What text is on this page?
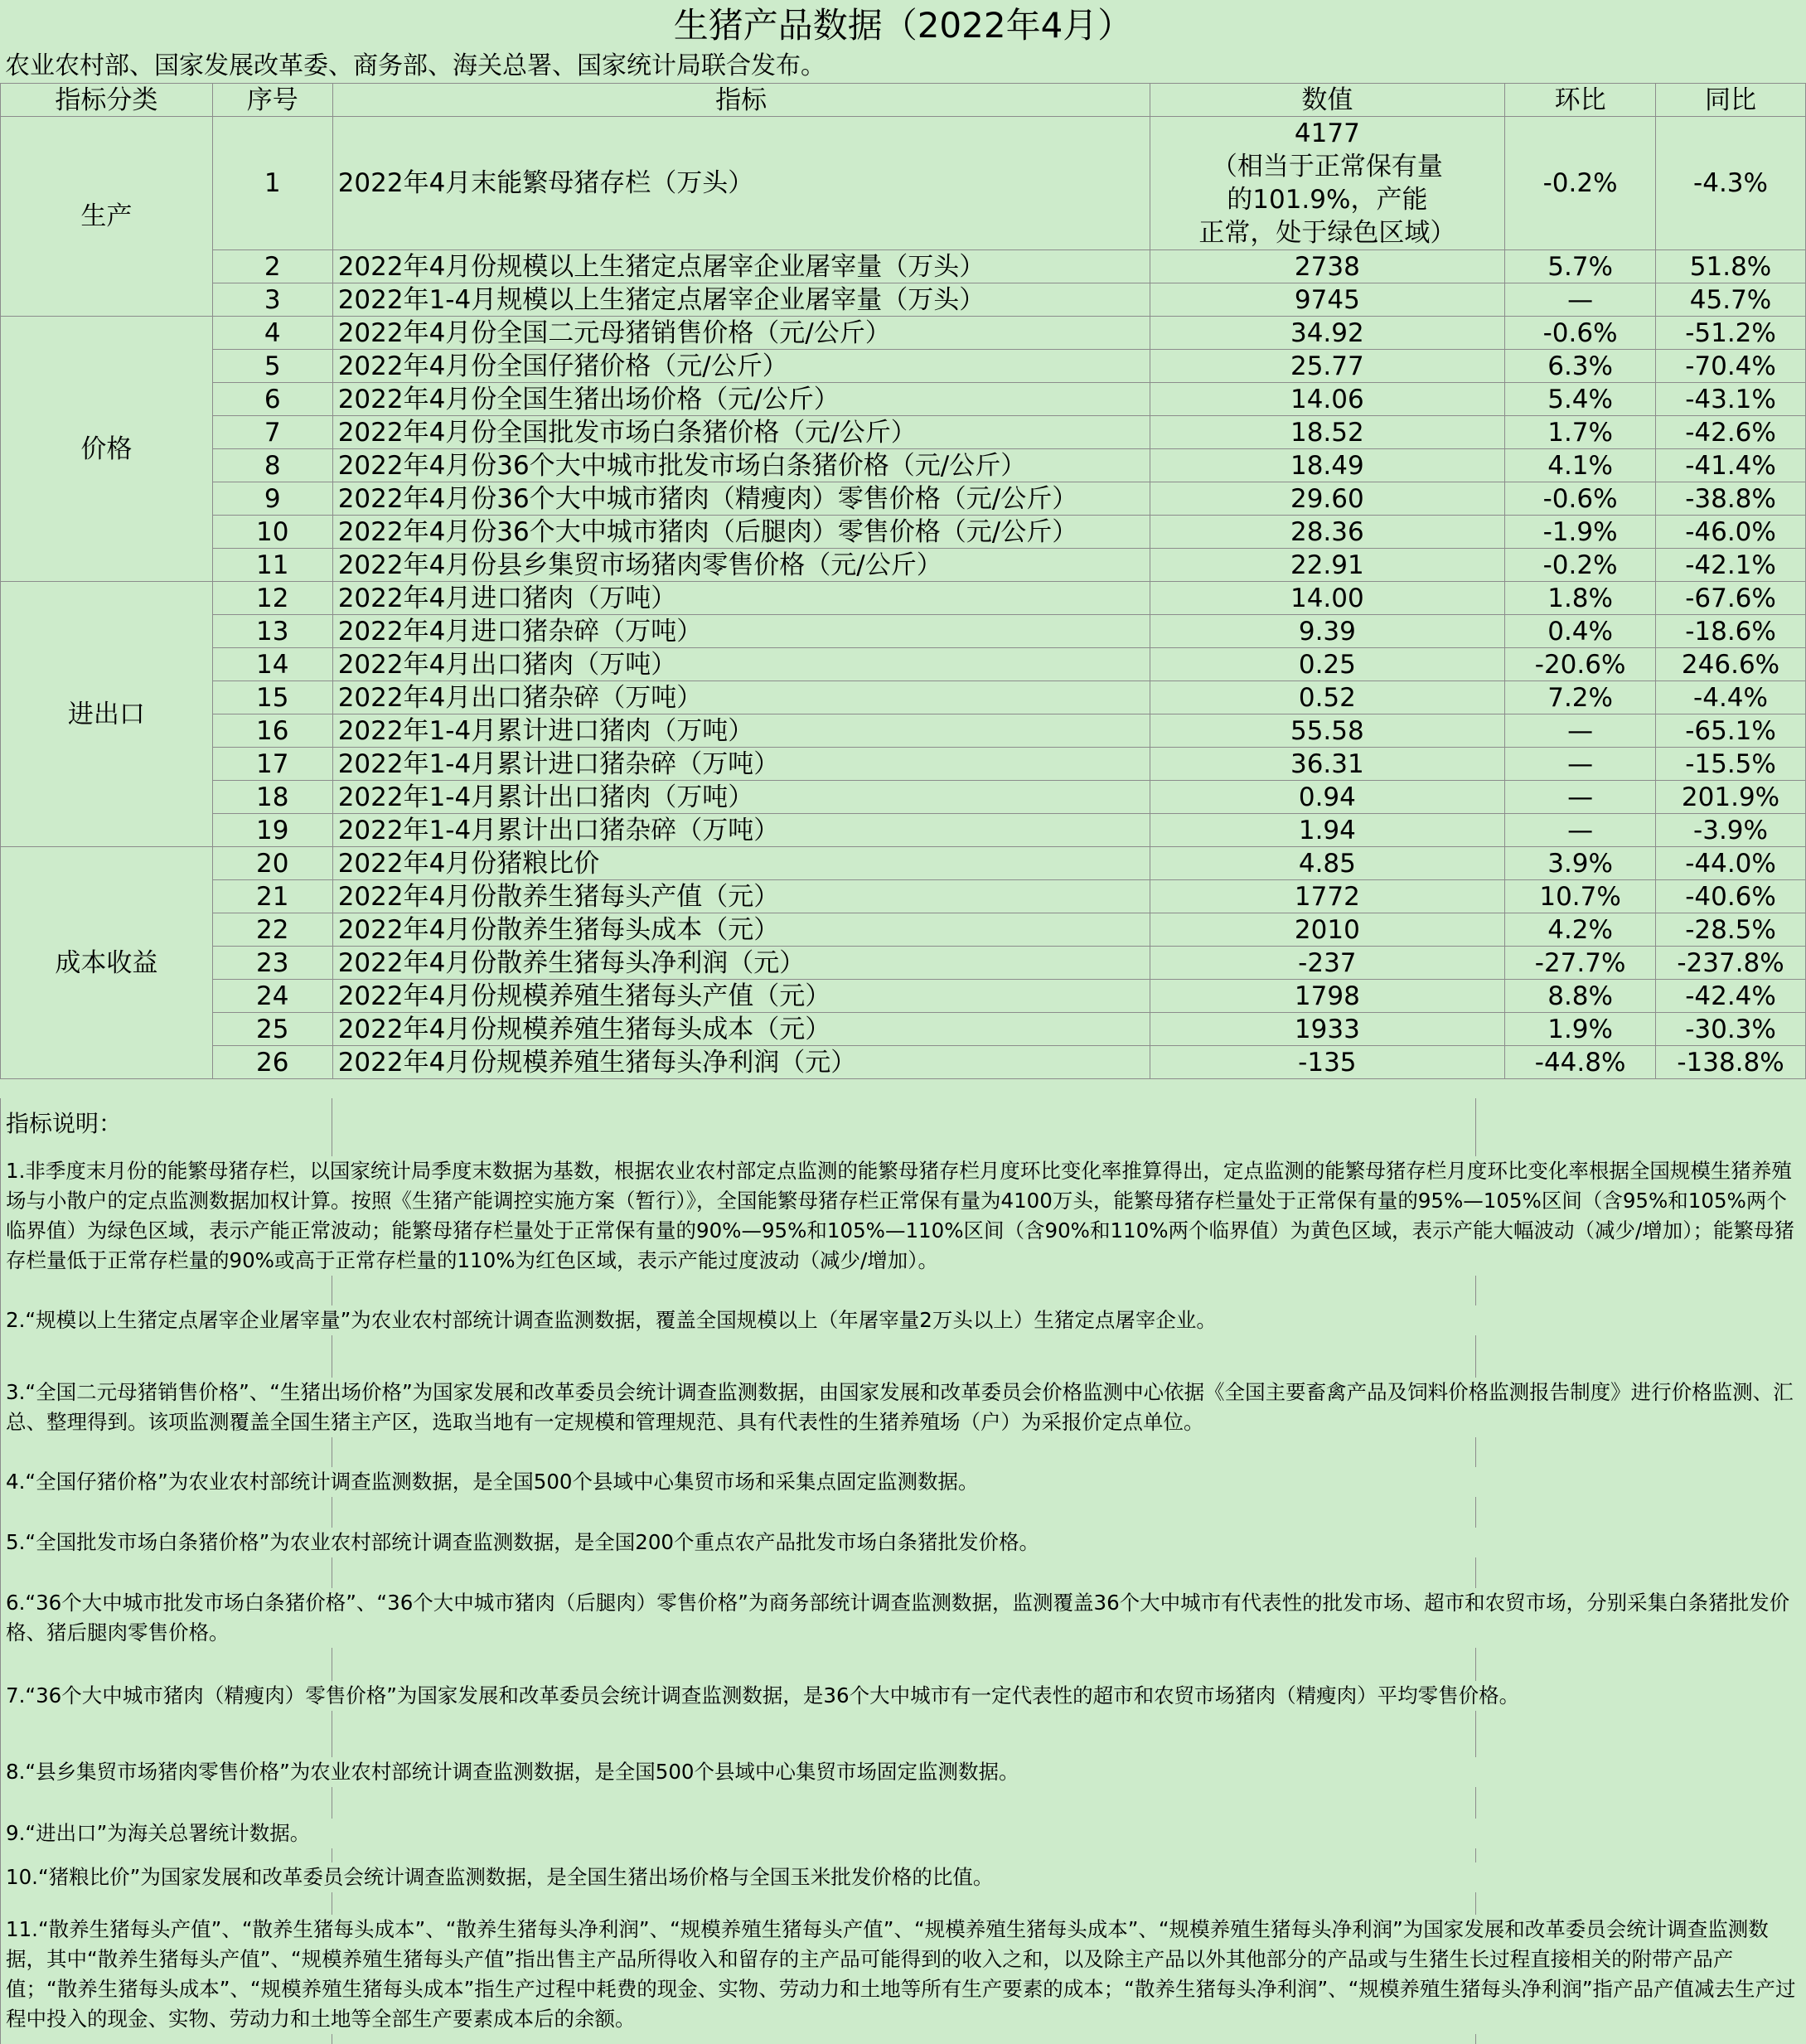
生猪产品数据（2022年4月）
农业农村部、国家发展改革委、商务部、海关总署、国家统计局联合发布。
指标分类	序号	指标	数值	环比	同比
生产	1	2022年4月末能繁母猪存栏（万头）	4177
（相当于正常保有量
的101.9%，产能
正常，处于绿色区域）	-0.2%	-4.3%
	2	2022年4月份规模以上生猪定点屠宰企业屠宰量（万头）	2738	5.7%	51.8%
	3	2022年1-4月规模以上生猪定点屠宰企业屠宰量（万头）	9745	—	45.7%
价格	4	2022年4月份全国二元母猪销售价格（元/公斤）	34.92	-0.6%	-51.2%
	5	2022年4月份全国仔猪价格（元/公斤）	25.77	6.3%	-70.4%
	6	2022年4月份全国生猪出场价格（元/公斤）	14.06	5.4%	-43.1%
	7	2022年4月份全国批发市场白条猪价格（元/公斤）	18.52	1.7%	-42.6%
	8	2022年4月份36个大中城市批发市场白条猪价格（元/公斤）	18.49	4.1%	-41.4%
	9	2022年4月份36个大中城市猪肉（精瘦肉）零售价格（元/公斤）	29.60	-0.6%	-38.8%
	10	2022年4月份36个大中城市猪肉（后腿肉）零售价格（元/公斤）	28.36	-1.9%	-46.0%
	11	2022年4月份县乡集贸市场猪肉零售价格（元/公斤）	22.91	-0.2%	-42.1%
进出口	12	2022年4月进口猪肉（万吨）	14.00	1.8%	-67.6%
	13	2022年4月进口猪杂碎（万吨）	9.39	0.4%	-18.6%
	14	2022年4月出口猪肉（万吨）	0.25	-20.6%	246.6%
	15	2022年4月出口猪杂碎（万吨）	0.52	7.2%	-4.4%
	16	2022年1-4月累计进口猪肉（万吨）	55.58	—	-65.1%
	17	2022年1-4月累计进口猪杂碎（万吨）	36.31	—	-15.5%
	18	2022年1-4月累计出口猪肉（万吨）	0.94	—	201.9%
	19	2022年1-4月累计出口猪杂碎（万吨）	1.94	—	-3.9%
成本收益	20	2022年4月份猪粮比价	4.85	3.9%	-44.0%
	21	2022年4月份散养生猪每头产值（元）	1772	10.7%	-40.6%
	22	2022年4月份散养生猪每头成本（元）	2010	4.2%	-28.5%
	23	2022年4月份散养生猪每头净利润（元）	-237	-27.7%	-237.8%
	24	2022年4月份规模养殖生猪每头产值（元）	1798	8.8%	-42.4%
	25	2022年4月份规模养殖生猪每头成本（元）	1933	1.9%	-30.3%
	26	2022年4月份规模养殖生猪每头净利润（元）	-135	-44.8%	-138.8%
指标说明：
1.非季度末月份的能繁母猪存栏，以国家统计局季度末数据为基数，根据农业农村部定点监测的能繁母猪存栏月度环比变化率推算得出，定点监测的能繁母猪存栏月度环比变化率根据全国规模生猪养殖场与小散户的定点监测数据加权计算。按照《生猪产能调控实施方案（暂行）》，全国能繁母猪存栏正常保有量为4100万头，能繁母猪存栏量处于正常保有量的95%—105%区间（含95%和105%两个临界值）为绿色区域，表示产能正常波动；能繁母猪存栏量处于正常保有量的90%—95%和105%—110%区间（含90%和110%两个临界值）为黄色区域，表示产能大幅波动（减少/增加）；能繁母猪存栏量低于正常存栏量的90%或高于正常存栏量的110%为红色区域，表示产能过度波动（减少/增加）。
2.“规模以上生猪定点屠宰企业屠宰量”为农业农村部统计调查监测数据，覆盖全国规模以上（年屠宰量2万头以上）生猪定点屠宰企业。
3.“全国二元母猪销售价格”、“生猪出场价格”为国家发展和改革委员会统计调查监测数据，由国家发展和改革委员会价格监测中心依据《全国主要畜禽产品及饲料价格监测报告制度》进行价格监测、汇总、整理得到。该项监测覆盖全国生猪主产区，选取当地有一定规模和管理规范、具有代表性的生猪养殖场（户）为采报价定点单位。
4.“全国仔猪价格”为农业农村部统计调查监测数据，是全国500个县域中心集贸市场和采集点固定监测数据。
5.“全国批发市场白条猪价格”为农业农村部统计调查监测数据，是全国200个重点农产品批发市场白条猪批发价格。
6.“36个大中城市批发市场白条猪价格”、“36个大中城市猪肉（后腿肉）零售价格”为商务部统计调查监测数据，监测覆盖36个大中城市有代表性的批发市场、超市和农贸市场，分别采集白条猪批发价格、猪后腿肉零售价格。
7.“36个大中城市猪肉（精瘦肉）零售价格”为国家发展和改革委员会统计调查监测数据，是36个大中城市有一定代表性的超市和农贸市场猪肉（精瘦肉）平均零售价格。
8.“县乡集贸市场猪肉零售价格”为农业农村部统计调查监测数据，是全国500个县域中心集贸市场固定监测数据。
9.“进出口”为海关总署统计数据。
10.“猪粮比价”为国家发展和改革委员会统计调查监测数据，是全国生猪出场价格与全国玉米批发价格的比值。
11.“散养生猪每头产值”、“散养生猪每头成本”、“散养生猪每头净利润”、“规模养殖生猪每头产值”、“规模养殖生猪每头成本”、“规模养殖生猪每头净利润”为国家发展和改革委员会统计调查监测数据，其中“散养生猪每头产值”、“规模养殖生猪每头产值”指出售主产品所得收入和留存的主产品可能得到的收入之和，以及除主产品以外其他部分的产品或与生猪生长过程直接相关的附带产品产值；“散养生猪每头成本”、“规模养殖生猪每头成本”指生产过程中耗费的现金、实物、劳动力和土地等所有生产要素的成本；“散养生猪每头净利润”、“规模养殖生猪每头净利润”指产品产值减去生产过程中投入的现金、实物、劳动力和土地等全部生产要素成本后的余额。
